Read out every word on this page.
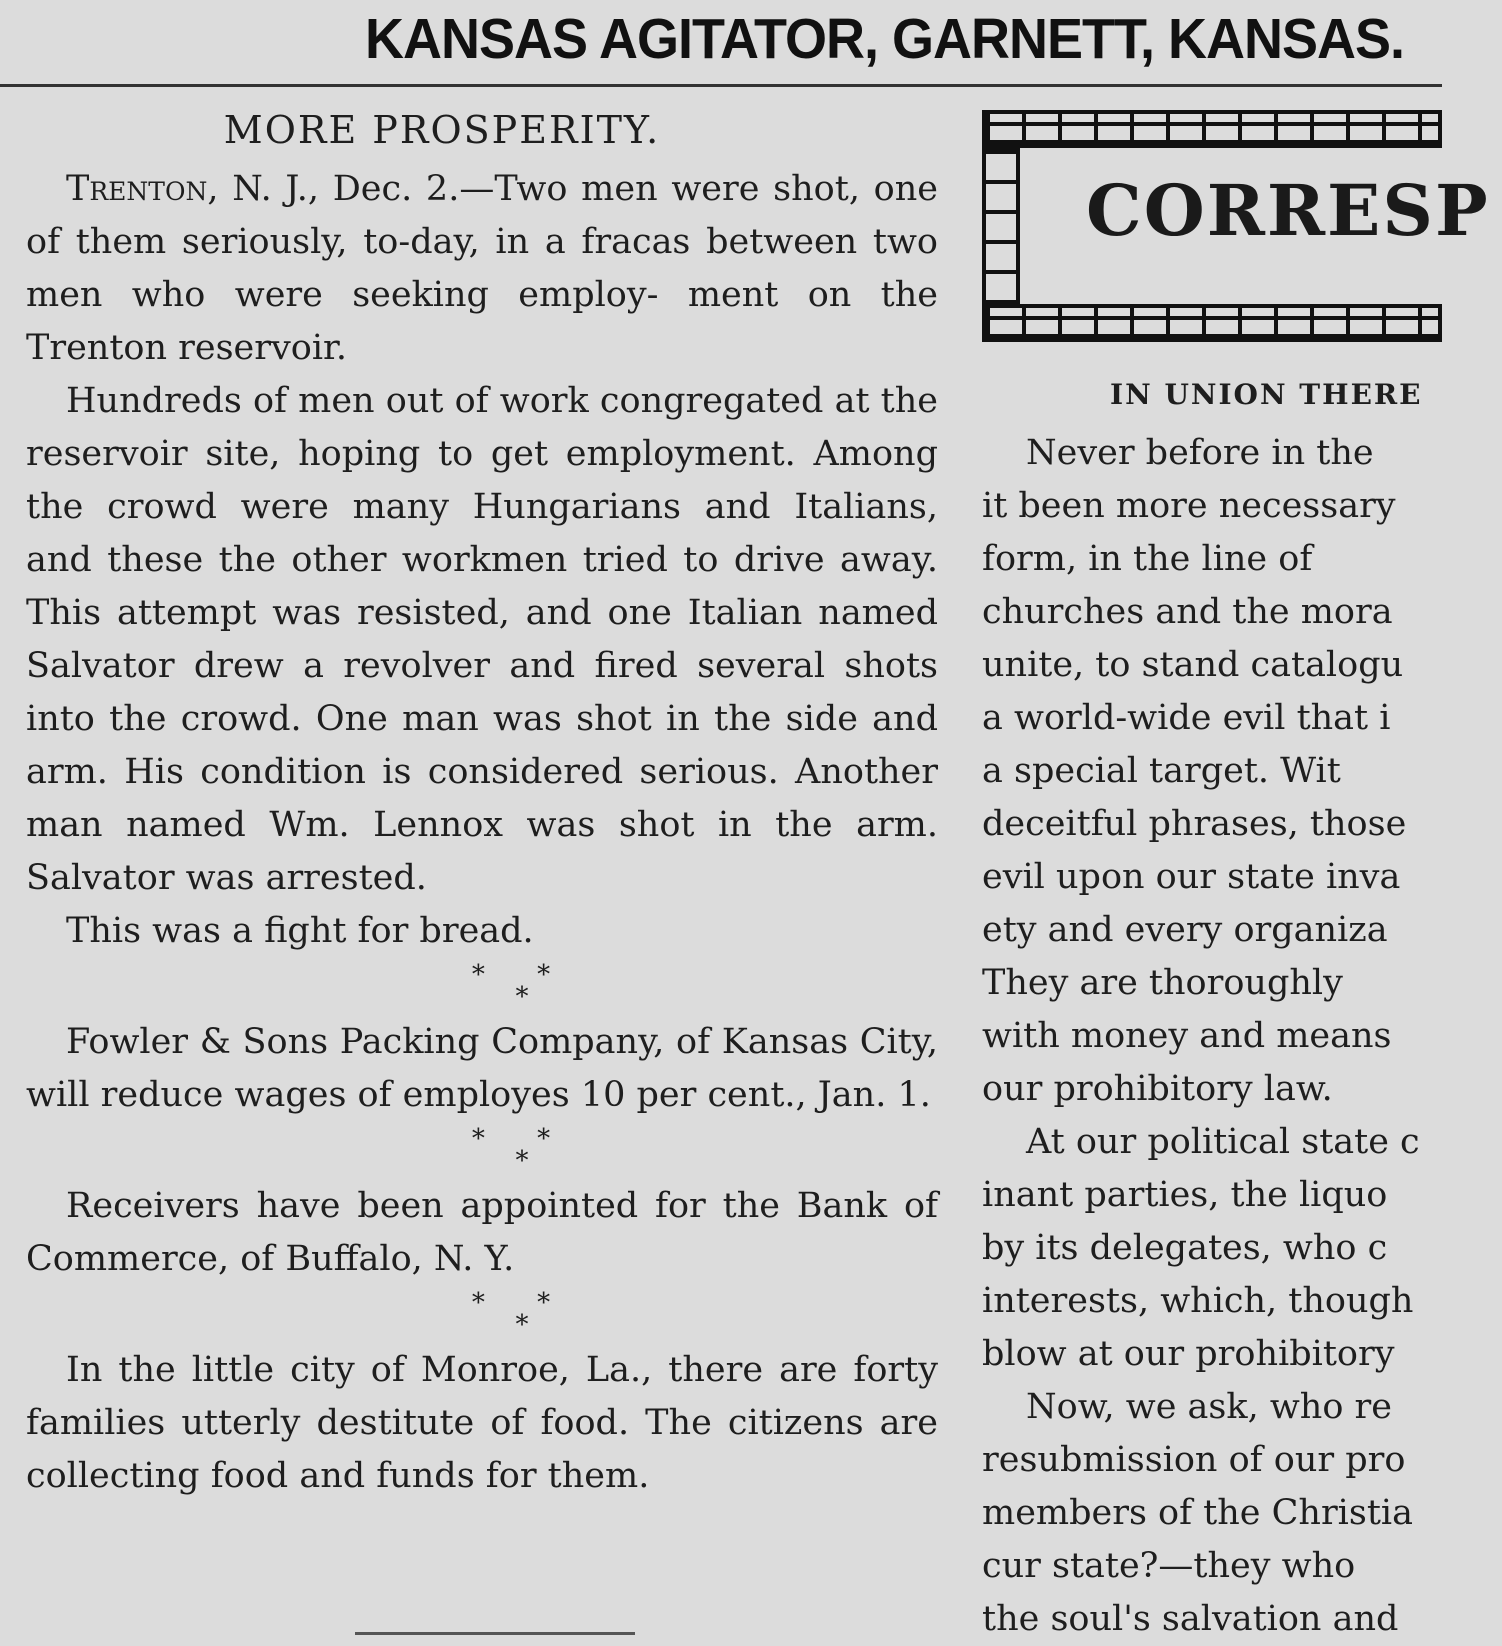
KANSAS AGITATOR, GARNETT, KANSAS.
MORE PROSPERITY.

Trenton, N. J., Dec. 2.—Two men were shot, one of them seriously, to-day, in a fracas between two men who were seeking employ- ment on the Trenton reservoir.

Hundreds of men out of work congregated at the reservoir site, hoping to get employment. Among the crowd were many Hungarians and Italians, and these the other workmen tried to drive away. This attempt was resisted, and one Italian named Salvator drew a revolver and fired several shots into the crowd. One man was shot in the side and arm. His condition is considered serious. Another man named Wm. Lennox was shot in the arm. Salvator was arrested.

This was a fight for bread.

* *
*

Fowler & Sons Packing Company, of Kansas City, will reduce wages of employes 10 per cent., Jan. 1.

* *
*

Receivers have been appointed for the Bank of Commerce, of Buffalo, N. Y.

* *
*

In the little city of Monroe, La., there are forty families utterly destitute of food. The citizens are collecting food and funds for them.

CORRESP
IN UNION THERE
Never before in the
it been more necessary
form, in the line of
churches and the mora
unite, to stand catalogu
a world-wide evil that i
a special target. Wit
deceitful phrases, those
evil upon our state inva
ety and every organiza
They are thoroughly
with money and means
our prohibitory law.
At our political state c
inant parties, the liquo
by its delegates, who c
interests, which, though
blow at our prohibitory
Now, we ask, who re
resubmission of our pro
members of the Christia
cur state?—they who
the soul's salvation and
